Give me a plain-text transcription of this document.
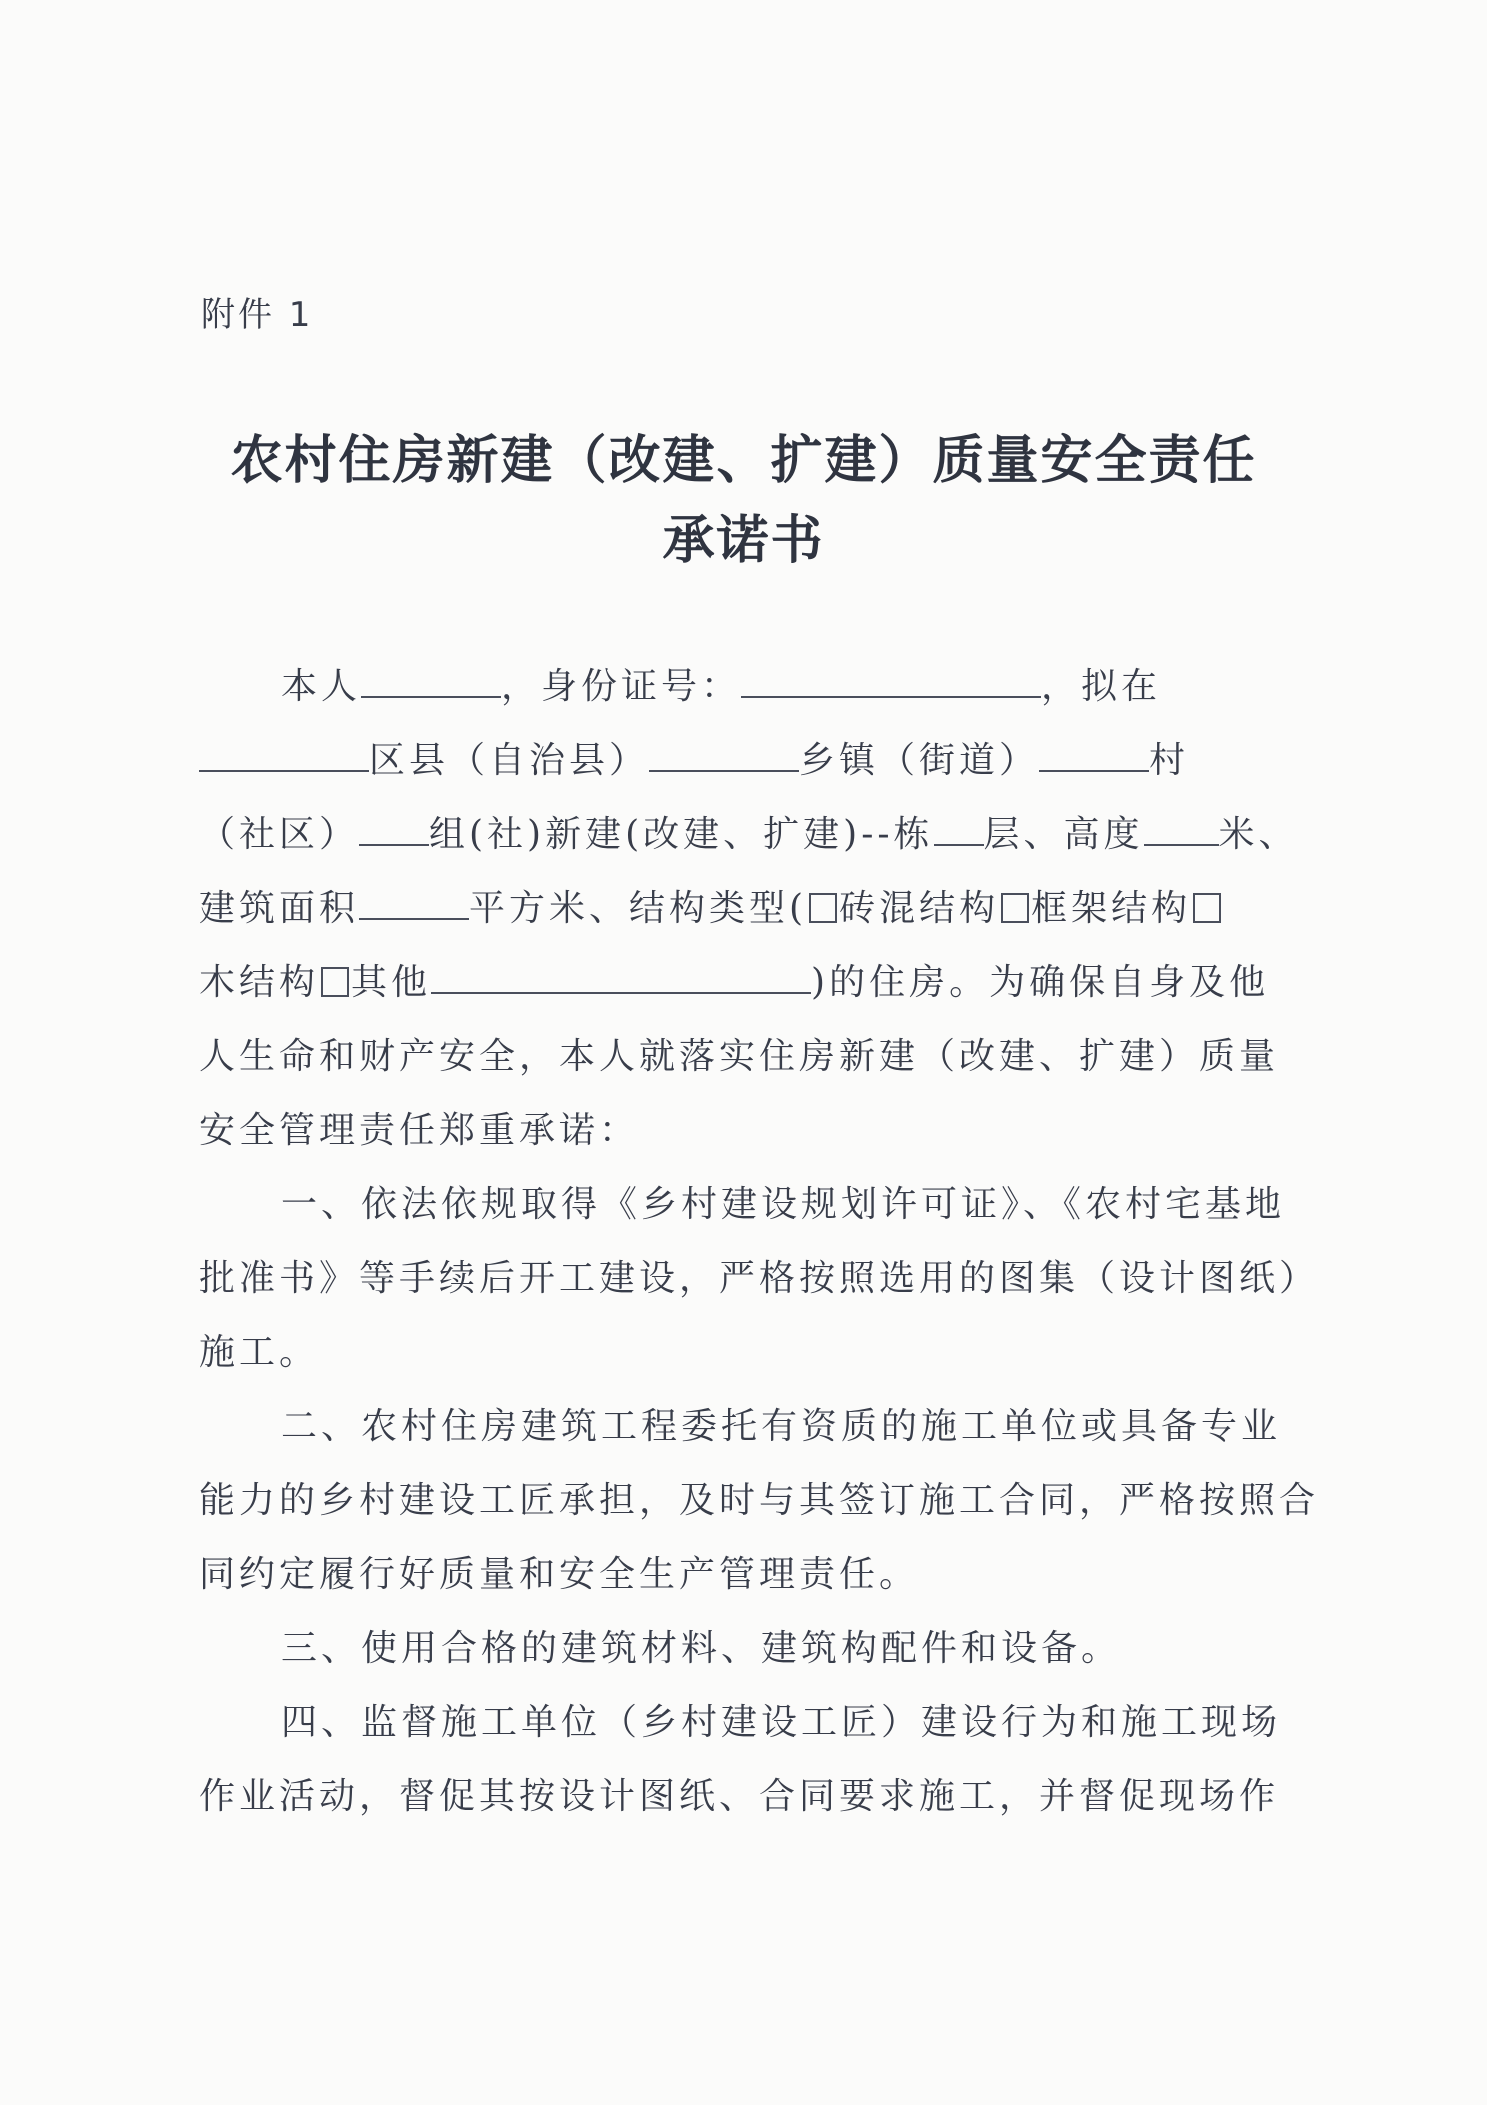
附件 1
农村住房新建（改建、扩建）质量安全责任
承诺书
本人	，身份证号：	，拟在
区县（自治县）	乡镇（街道）	村
（社区） 组(社)新建(改建、扩建)--栋 层、高度 米、
建筑面积	平方米、结构类型( 砖混结构 框架结构
木结构 其他	)的住房。为确保自身及他
人生命和财产安全，本人就落实住房新建（改建、扩建）质量
安全管理责任郑重承诺：
一、依法依规取得《乡村建设规划许可证》、《农村宅基地
批准书》等手续后开工建设，严格按照选用的图集（设计图纸）
施工。
二、农村住房建筑工程委托有资质的施工单位或具备专业
能力的乡村建设工匠承担，及时与其签订施工合同，严格按照合
同约定履行好质量和安全生产管理责任。
三、使用合格的建筑材料、建筑构配件和设备。
四、监督施工单位（乡村建设工匠）建设行为和施工现场
作业活动，督促其按设计图纸、合同要求施工，并督促现场作
